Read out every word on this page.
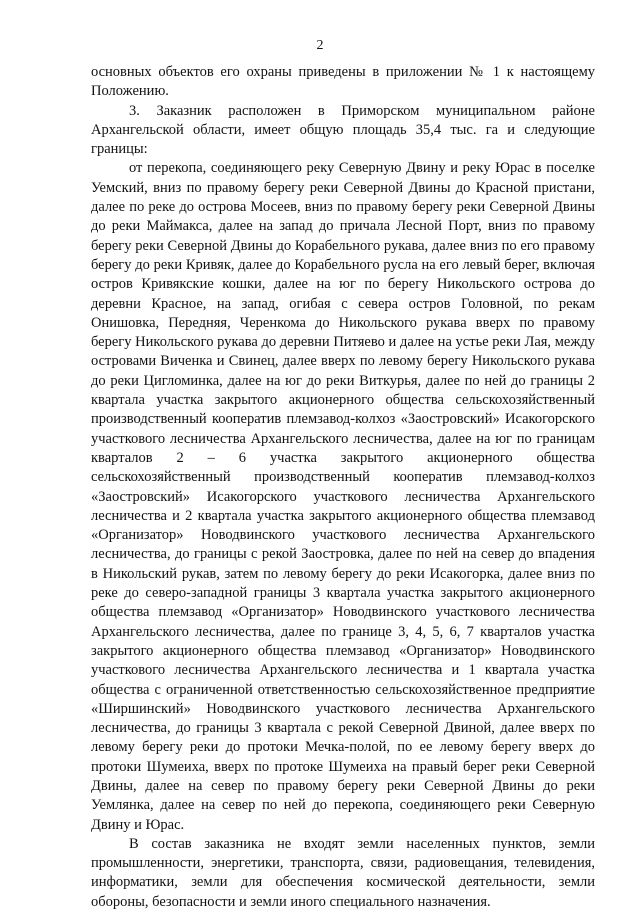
2

основных объектов его охраны приведены в приложении № 1 к настоящему Положению.

3. Заказник расположен в Приморском муниципальном районе Архангельской области, имеет общую площадь 35,4 тыс. га и следующие границы:

от перекопа, соединяющего реку Северную Двину и реку Юрас в поселке Уемский, вниз по правому берегу реки Северной Двины до Красной пристани, далее по реке до острова Мосеев, вниз по правому берегу реки Северной Двины до реки Маймакса, далее на запад до причала Лесной Порт, вниз по правому берегу реки Северной Двины до Корабельного рукава, далее вниз по его правому берегу до реки Кривяк, далее до Корабельного русла на его левый берег, включая остров Кривякские кошки, далее на юг по берегу Никольского острова до деревни Красное, на запад, огибая с севера остров Головной, по рекам Онишовка, Передняя, Черенкома до Никольского рукава вверх по правому берегу Никольского рукава до деревни Питяево и далее на устье реки Лая, между островами Виченка и Свинец, далее вверх по левому берегу Никольского рукава до реки Цигломинка, далее на юг до реки Виткурья, далее по ней до границы 2 квартала участка закрытого акционерного общества сельскохозяйственный производственный кооператив племзавод-колхоз «Заостровский» Исакогорского участкового лесничества Архангельского лесничества, далее на юг по границам кварталов 2 – 6 участка закрытого акционерного общества сельскохозяйственный производственный кооператив племзавод-колхоз «Заостровский» Исакогорского участкового лесничества Архангельского лесничества и 2 квартала участка закрытого акционерного общества племзавод «Организатор» Новодвинского участкового лесничества Архангельского лесничества, до границы с рекой Заостровка, далее по ней на север до впадения в Никольский рукав, затем по левому берегу до реки Исакогорка, далее вниз по реке до северо-западной границы 3 квартала участка закрытого акционерного общества племзавод «Организатор» Новодвинского участкового лесничества Архангельского лесничества, далее по границе 3, 4, 5, 6, 7 кварталов участка закрытого акционерного общества племзавод «Организатор» Новодвинского участкового лесничества Архангельского лесничества и 1 квартала участка общества с ограниченной ответственностью сельскохозяйственное предприятие «Ширшинский» Новодвинского участкового лесничества Архангельского лесничества, до границы 3 квартала с рекой Северной Двиной, далее вверх по левому берегу реки до протоки Мечка-полой, по ее левому берегу вверх до протоки Шумеиха, вверх по протоке Шумеиха на правый берег реки Северной Двины, далее на север по правому берегу реки Северной Двины до реки Уемлянка, далее на север по ней до перекопа, соединяющего реки Северную Двину и Юрас.

В состав заказника не входят земли населенных пунктов, земли промышленности, энергетики, транспорта, связи, радиовещания, телевидения, информатики, земли для обеспечения космической деятельности, земли обороны, безопасности и земли иного специального назначения.
